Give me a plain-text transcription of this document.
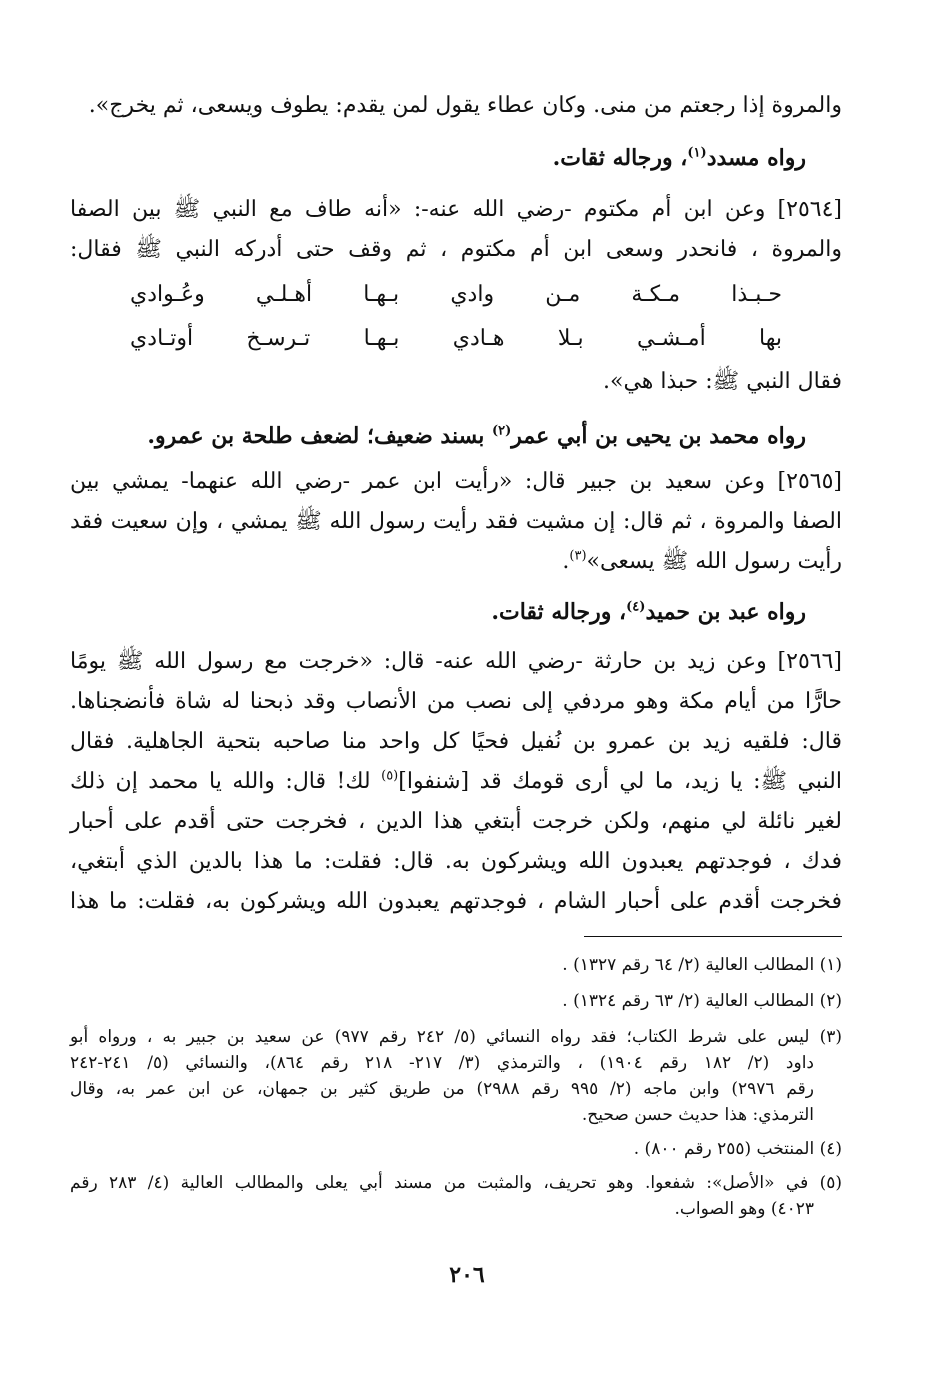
والمروة إذا رجعتم من منى. وكان عطاء يقول لمن يقدم: يطوف ويسعى، ثم يخرج».
رواه مسدد$^{(١)}$، ورجاله ثقات.
[٢٥٦٤] وعن ابن أم مكتوم -رضي الله عنه-: «أنه طاف مع النبي ﷺ بين الصفا
والمروة ، فانحدر وسعى ابن أم مكتوم ، ثم وقف حتى أدركه النبي ﷺ فقال:
حـبـذا
مـكـة
مـن
وادي
بـهـا
أهـلـي
وعُـوادي
بها
أمـشـي
بـلا
هـادي
بـهـا
تـرسـخ
أوتـادي
فقال النبي ﷺ: حبذا هي».
رواه محمد بن يحيى بن أبي عمر$^{(٢)}$ بسند ضعيف؛ لضعف طلحة بن عمرو.
[٢٥٦٥] وعن سعيد بن جبير قال: «رأيت ابن عمر -رضي الله عنهما- يمشي بين
الصفا والمروة ، ثم قال: إن مشيت فقد رأيت رسول الله ﷺ يمشي ، وإن سعيت فقد
رأيت رسول الله ﷺ يسعى»$^{(٣)}$.
رواه عبد بن حميد$^{(٤)}$، ورجاله ثقات.
[٢٥٦٦] وعن زيد بن حارثة -رضي الله عنه- قال: «خرجت مع رسول الله ﷺ يومًا
حارًّا من أيام مكة وهو مردفي إلى نصب من الأنصاب وقد ذبحنا له شاة فأنضجناها.
قال: فلقيه زيد بن عمرو بن نُفيل فحيًا كل واحد منا صاحبه بتحية الجاهلية. فقال
النبي ﷺ: يا زيد، ما لي أرى قومك قد [شنفوا]$^{(٥)}$ لك! قال: والله يا محمد إن ذلك
لغير نائلة لي منهم، ولكن خرجت أبتغي هذا الدين ، فخرجت حتى أقدم على أحبار
فدك ، فوجدتهم يعبدون الله ويشركون به. قال: فقلت: ما هذا بالدين الذي أبتغي،
فخرجت أقدم على أحبار الشام ، فوجدتهم يعبدون الله ويشركون به، فقلت: ما هذا
(١) المطالب العالية (٢/ ٦٤ رقم ١٣٢٧) .
(٢) المطالب العالية (٢/ ٦٣ رقم ١٣٢٤) .
(٣) ليس على شرط الكتاب؛ فقد رواه النسائي (٥/ ٢٤٢ رقم ٩٧٧) عن سعيد بن جبير به ، ورواه أبو
داود (٢/ ١٨٢ رقم ١٩٠٤) ، والترمذي (٣/ ٢١٧- ٢١٨ رقم ٨٦٤)، والنسائي (٥/ ٢٤١-٢٤٢
رقم ٢٩٧٦) وابن ماجه (٢/ ٩٩٥ رقم ٢٩٨٨) من طريق كثير بن جمهان، عن ابن عمر به، وقال
الترمذي: هذا حديث حسن صحيح.
(٤) المنتخب (٢٥٥ رقم ٨٠٠) .
(٥) في «الأصل»: شفعوا. وهو تحريف، والمثبت من مسند أبي يعلى والمطالب العالية (٤/ ٢٨٣ رقم
٤٠٢٣) وهو الصواب.
٢٠٦
